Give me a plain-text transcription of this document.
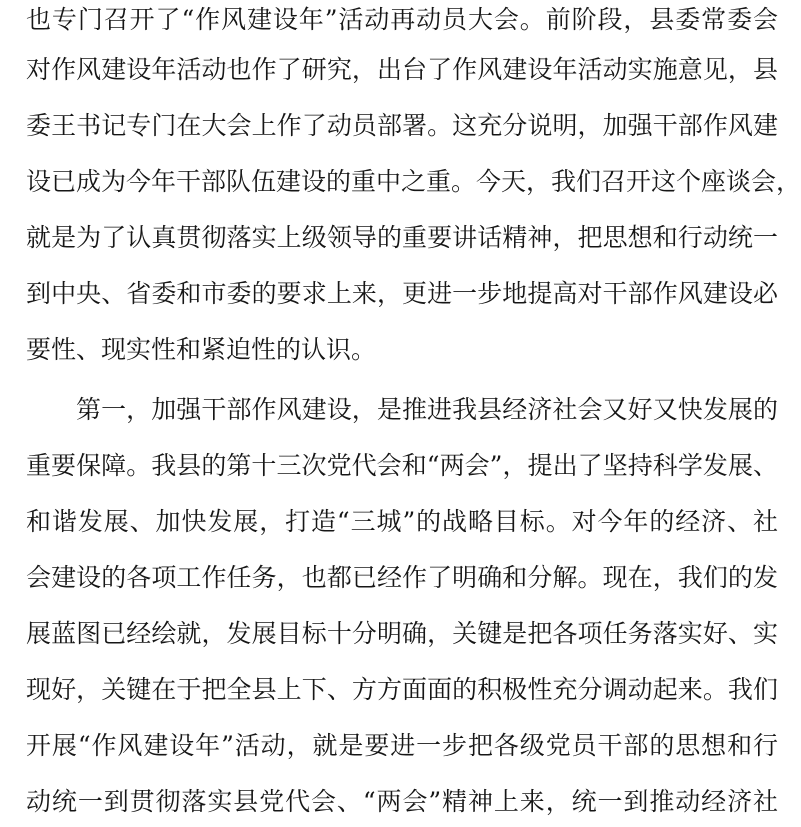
也专门召开了“作风建设年”活动再动员大会。前阶段，县委常委会
对作风建设年活动也作了研究，出台了作风建设年活动实施意见，县
委王书记专门在大会上作了动员部署。这充分说明，加强干部作风建
设已成为今年干部队伍建设的重中之重。今天，我们召开这个座谈会，
就是为了认真贯彻落实上级领导的重要讲话精神，把思想和行动统一
到中央、省委和市委的要求上来，更进一步地提高对干部作风建设必
要性、现实性和紧迫性的认识。
第一，加强干部作风建设，是推进我县经济社会又好又快发展的
重要保障。我县的第十三次党代会和“两会”，提出了坚持科学发展、
和谐发展、加快发展，打造“三城”的战略目标。对今年的经济、社
会建设的各项工作任务，也都已经作了明确和分解。现在，我们的发
展蓝图已经绘就，发展目标十分明确，关键是把各项任务落实好、实
现好，关键在于把全县上下、方方面面的积极性充分调动起来。我们
开展“作风建设年”活动，就是要进一步把各级党员干部的思想和行
动统一到贯彻落实县党代会、“两会”精神上来，统一到推动经济社
